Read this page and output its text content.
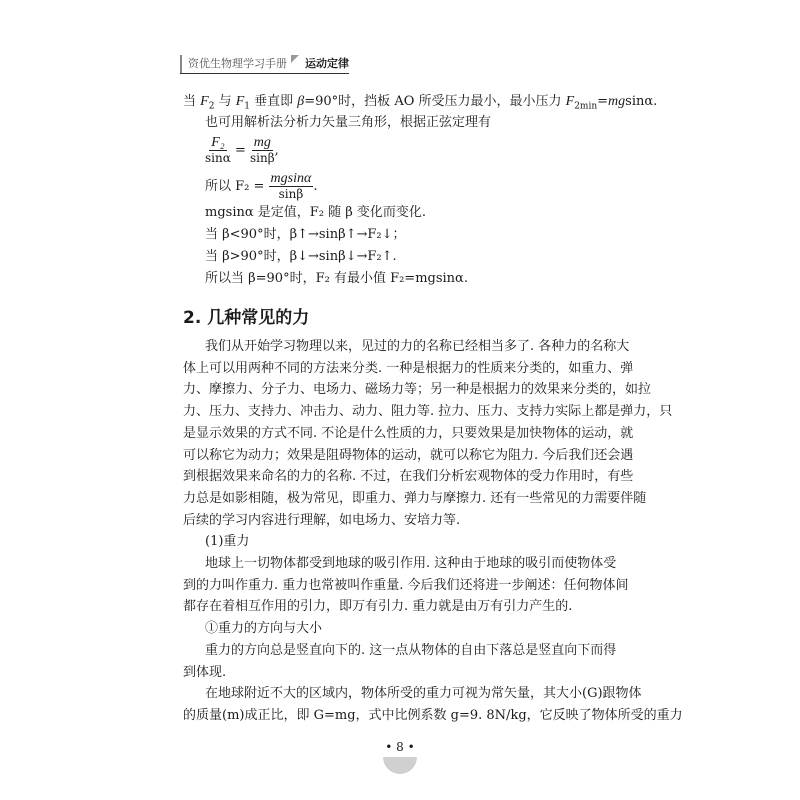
资优生物理学习手册	运动定律
当 $F_2$ 与 $F_1$ 垂直即 β=90°时，挡板 AO 所受压力最小，最小压力 $F_{2min}=mgsin\alpha$.
也可用解析法分析力矢量三角形，根据正弦定理有
$\frac{\text{F₂}}{\sin\alpha} = \frac{mg}{\sin\beta}$ ,
所以 $F_2 = \frac{mgsin\alpha}{\sin\beta}$ .
mgsinα 是定值，F₂ 随 β 变化而变化.
当 β<90°时，β↑→sinβ↑→F₂↓；
当 β>90°时，β↓→sinβ↓→F₂↑.
所以当 β=90°时，F₂ 有最小值 F₂=mgsinα.
2. 几种常见的力
我们从开始学习物理以来，见过的力的名称已经相当多了. 各种力的名称大
体上可以用两种不同的方法来分类. 一种是根据力的性质来分类的，如重力、弹
力、摩擦力、分子力、电场力、磁场力等；另一种是根据力的效果来分类的，如拉
力、压力、支持力、冲击力、动力、阻力等. 拉力、压力、支持力实际上都是弹力，只
是显示效果的方式不同. 不论是什么性质的力，只要效果是加快物体的运动，就
可以称它为动力；效果是阻碍物体的运动，就可以称它为阻力. 今后我们还会遇
到根据效果来命名的力的名称. 不过，在我们分析宏观物体的受力作用时，有些
力总是如影相随，极为常见，即重力、弹力与摩擦力. 还有一些常见的力需要伴随
后续的学习内容进行理解，如电场力、安培力等.
(1)重力
地球上一切物体都受到地球的吸引作用. 这种由于地球的吸引而使物体受
到的力叫作重力. 重力也常被叫作重量. 今后我们还将进一步阐述：任何物体间
都存在着相互作用的引力，即万有引力. 重力就是由万有引力产生的.
①重力的方向与大小
重力的方向总是竖直向下的. 这一点从物体的自由下落总是竖直向下而得
到体现.
在地球附近不大的区域内，物体所受的重力可视为常矢量，其大小(G)跟物体
的质量(m)成正比，即 G=mg，式中比例系数 g=9. 8N/kg，它反映了物体所受的重力
• 8 •
